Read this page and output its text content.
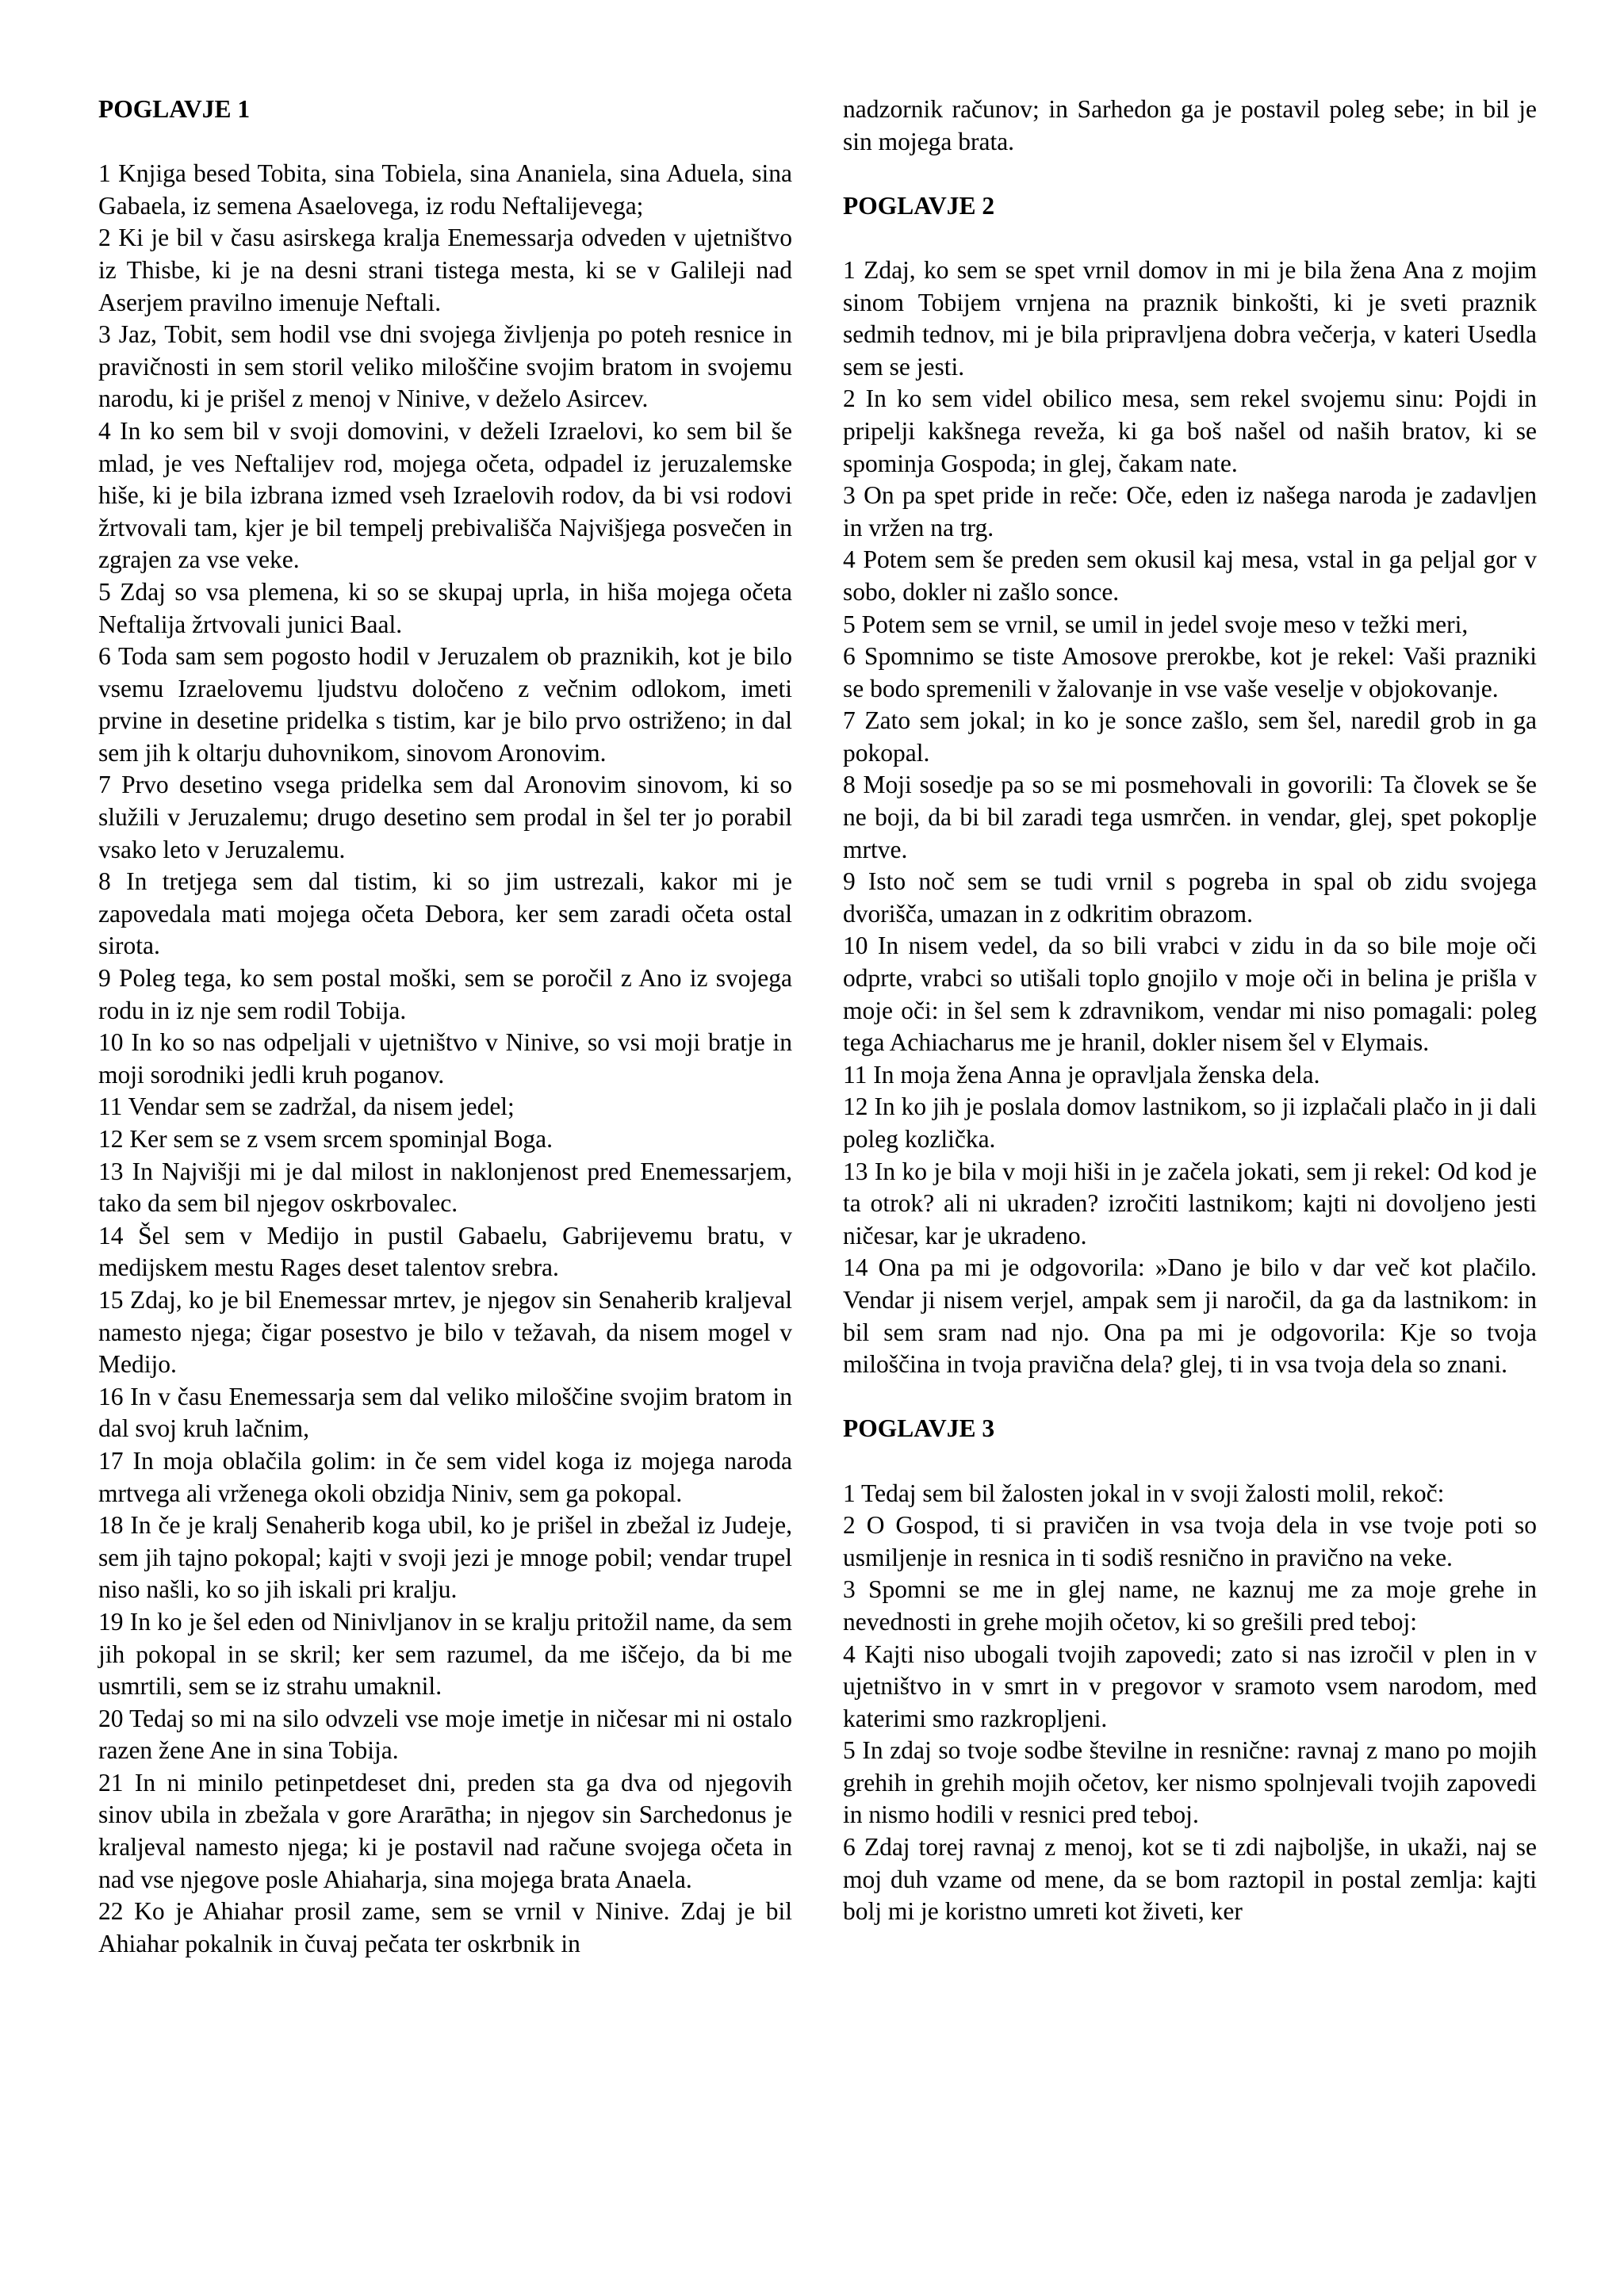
POGLAVJE 1

1 Knjiga besed Tobita, sina Tobiela, sina Ananiela, sina Aduela, sina Gabaela, iz semena Asaelovega, iz rodu Neftalijevega;

2 Ki je bil v času asirskega kralja Enemessarja odveden v ujetništvo iz Thisbe, ki je na desni strani tistega mesta, ki se v Galileji nad Aserjem pravilno imenuje Neftali.

3 Jaz, Tobit, sem hodil vse dni svojega življenja po poteh resnice in pravičnosti in sem storil veliko miloščine svojim bratom in svojemu narodu, ki je prišel z menoj v Ninive, v deželo Asircev.

4 In ko sem bil v svoji domovini, v deželi Izraelovi, ko sem bil še mlad, je ves Neftalijev rod, mojega očeta, odpadel iz jeruzalemske hiše, ki je bila izbrana izmed vseh Izraelovih rodov, da bi vsi rodovi žrtvovali tam, kjer je bil tempelj prebivališča Najvišjega posvečen in zgrajen za vse veke.

5 Zdaj so vsa plemena, ki so se skupaj uprla, in hiša mojega očeta Neftalija žrtvovali junici Baal.

6 Toda sam sem pogosto hodil v Jeruzalem ob praznikih, kot je bilo vsemu Izraelovemu ljudstvu določeno z večnim odlokom, imeti prvine in desetine pridelka s tistim, kar je bilo prvo ostriženo; in dal sem jih k oltarju duhovnikom, sinovom Aronovim.

7 Prvo desetino vsega pridelka sem dal Aronovim sinovom, ki so služili v Jeruzalemu; drugo desetino sem prodal in šel ter jo porabil vsako leto v Jeruzalemu.

8 In tretjega sem dal tistim, ki so jim ustrezali, kakor mi je zapovedala mati mojega očeta Debora, ker sem zaradi očeta ostal sirota.

9 Poleg tega, ko sem postal moški, sem se poročil z Ano iz svojega rodu in iz nje sem rodil Tobija.

10 In ko so nas odpeljali v ujetništvo v Ninive, so vsi moji bratje in moji sorodniki jedli kruh poganov.

11 Vendar sem se zadržal, da nisem jedel;

12 Ker sem se z vsem srcem spominjal Boga.

13 In Najvišji mi je dal milost in naklonjenost pred Enemessarjem, tako da sem bil njegov oskrbovalec.

14 Šel sem v Medijo in pustil Gabaelu, Gabrijevemu bratu, v medijskem mestu Rages deset talentov srebra.

15 Zdaj, ko je bil Enemessar mrtev, je njegov sin Senaherib kraljeval namesto njega; čigar posestvo je bilo v težavah, da nisem mogel v Medijo.

16 In v času Enemessarja sem dal veliko miloščine svojim bratom in dal svoj kruh lačnim,

17 In moja oblačila golim: in če sem videl koga iz mojega naroda mrtvega ali vrženega okoli obzidja Niniv, sem ga pokopal.

18 In če je kralj Senaherib koga ubil, ko je prišel in zbežal iz Judeje, sem jih tajno pokopal; kajti v svoji jezi je mnoge pobil; vendar trupel niso našli, ko so jih iskali pri kralju.

19 In ko je šel eden od Ninivljanov in se kralju pritožil name, da sem jih pokopal in se skril; ker sem razumel, da me iščejo, da bi me usmrtili, sem se iz strahu umaknil.

20 Tedaj so mi na silo odvzeli vse moje imetje in ničesar mi ni ostalo razen žene Ane in sina Tobija.

21 In ni minilo petinpetdeset dni, preden sta ga dva od njegovih sinov ubila in zbežala v gore Ararātha; in njegov sin Sarchedonus je kraljeval namesto njega; ki je postavil nad račune svojega očeta in nad vse njegove posle Ahiaharja, sina mojega brata Anaela.

22 Ko je Ahiahar prosil zame, sem se vrnil v Ninive. Zdaj je bil Ahiahar pokalnik in čuvaj pečata ter oskrbnik in

nadzornik računov; in Sarhedon ga je postavil poleg sebe; in bil je sin mojega brata.

POGLAVJE 2

1 Zdaj, ko sem se spet vrnil domov in mi je bila žena Ana z mojim sinom Tobijem vrnjena na praznik binkošti, ki je sveti praznik sedmih tednov, mi je bila pripravljena dobra večerja, v kateri Usedla sem se jesti.

2 In ko sem videl obilico mesa, sem rekel svojemu sinu: Pojdi in pripelji kakšnega reveža, ki ga boš našel od naših bratov, ki se spominja Gospoda; in glej, čakam nate.

3 On pa spet pride in reče: Oče, eden iz našega naroda je zadavljen in vržen na trg.

4 Potem sem še preden sem okusil kaj mesa, vstal in ga peljal gor v sobo, dokler ni zašlo sonce.

5 Potem sem se vrnil, se umil in jedel svoje meso v težki meri,

6 Spomnimo se tiste Amosove prerokbe, kot je rekel: Vaši prazniki se bodo spremenili v žalovanje in vse vaše veselje v objokovanje.

7 Zato sem jokal; in ko je sonce zašlo, sem šel, naredil grob in ga pokopal.

8 Moji sosedje pa so se mi posmehovali in govorili: Ta človek se še ne boji, da bi bil zaradi tega usmrčen. in vendar, glej, spet pokoplje mrtve.

9 Isto noč sem se tudi vrnil s pogreba in spal ob zidu svojega dvorišča, umazan in z odkritim obrazom.

10 In nisem vedel, da so bili vrabci v zidu in da so bile moje oči odprte, vrabci so utišali toplo gnojilo v moje oči in belina je prišla v moje oči: in šel sem k zdravnikom, vendar mi niso pomagali: poleg tega Achiacharus me je hranil, dokler nisem šel v Elymais.

11 In moja žena Anna je opravljala ženska dela.

12 In ko jih je poslala domov lastnikom, so ji izplačali plačo in ji dali poleg kozlička.

13 In ko je bila v moji hiši in je začela jokati, sem ji rekel: Od kod je ta otrok? ali ni ukraden? izročiti lastnikom; kajti ni dovoljeno jesti ničesar, kar je ukradeno.

14 Ona pa mi je odgovorila: »Dano je bilo v dar več kot plačilo. Vendar ji nisem verjel, ampak sem ji naročil, da ga da lastnikom: in bil sem sram nad njo. Ona pa mi je odgovorila: Kje so tvoja miloščina in tvoja pravična dela? glej, ti in vsa tvoja dela so znani.

POGLAVJE 3

1 Tedaj sem bil žalosten jokal in v svoji žalosti molil, rekoč:

2 O Gospod, ti si pravičen in vsa tvoja dela in vse tvoje poti so usmiljenje in resnica in ti sodiš resnično in pravično na veke.

3 Spomni se me in glej name, ne kaznuj me za moje grehe in nevednosti in grehe mojih očetov, ki so grešili pred teboj:

4 Kajti niso ubogali tvojih zapovedi; zato si nas izročil v plen in v ujetništvo in v smrt in v pregovor v sramoto vsem narodom, med katerimi smo razkropljeni.

5 In zdaj so tvoje sodbe številne in resnične: ravnaj z mano po mojih grehih in grehih mojih očetov, ker nismo spolnjevali tvojih zapovedi in nismo hodili v resnici pred teboj.

6 Zdaj torej ravnaj z menoj, kot se ti zdi najboljše, in ukaži, naj se moj duh vzame od mene, da se bom raztopil in postal zemlja: kajti bolj mi je koristno umreti kot živeti, ker
